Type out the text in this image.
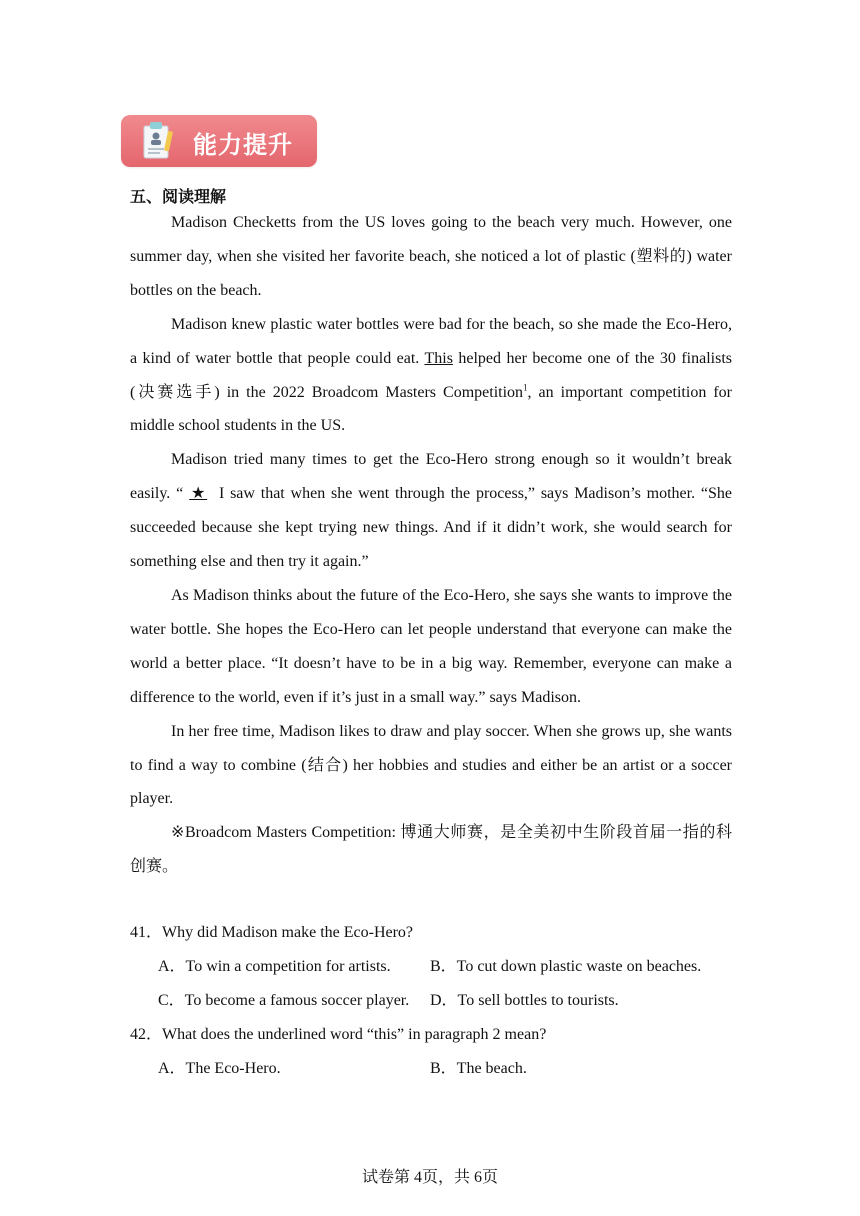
能力提升
五、阅读理解

Madison Checketts from the US loves going to the beach very much. However, one summer day, when she visited her favorite beach, she noticed a lot of plastic (塑料的) water bottles on the beach.

Madison knew plastic water bottles were bad for the beach, so she made the Eco-Hero, a kind of water bottle that people could eat. This helped her become one of the 30 finalists (决赛选手) in the 2022 Broadcom Masters Competition$^1$, an important competition for middle school students in the US.

Madison tried many times to get the Eco-Hero strong enough so it wouldn’t break easily. “ ★ I saw that when she went through the process,” says Madison’s mother. “She succeeded because she kept trying new things. And if it didn’t work, she would search for something else and then try it again.”

As Madison thinks about the future of the Eco-Hero, she says she wants to improve the water bottle. She hopes the Eco-Hero can let people understand that everyone can make the world a better place. “It doesn’t have to be in a big way. Remember, everyone can make a difference to the world, even if it’s just in a small way.” says Madison.

In her free time, Madison likes to draw and play soccer. When she grows up, she wants to find a way to combine (结合) her hobbies and studies and either be an artist or a soccer player.

※Broadcom Masters Competition: 博通大师赛，是全美初中生阶段首届一指的科创赛。

41．Why did Madison make the Eco-Hero?
A．To win a competition for artists. B．To cut down plastic waste on beaches.
C．To become a famous soccer player. D．To sell bottles to tourists.
42．What does the underlined word “this” in paragraph 2 mean?
A．The Eco-Hero.	B．The beach.
试卷第 4页，共 6页
